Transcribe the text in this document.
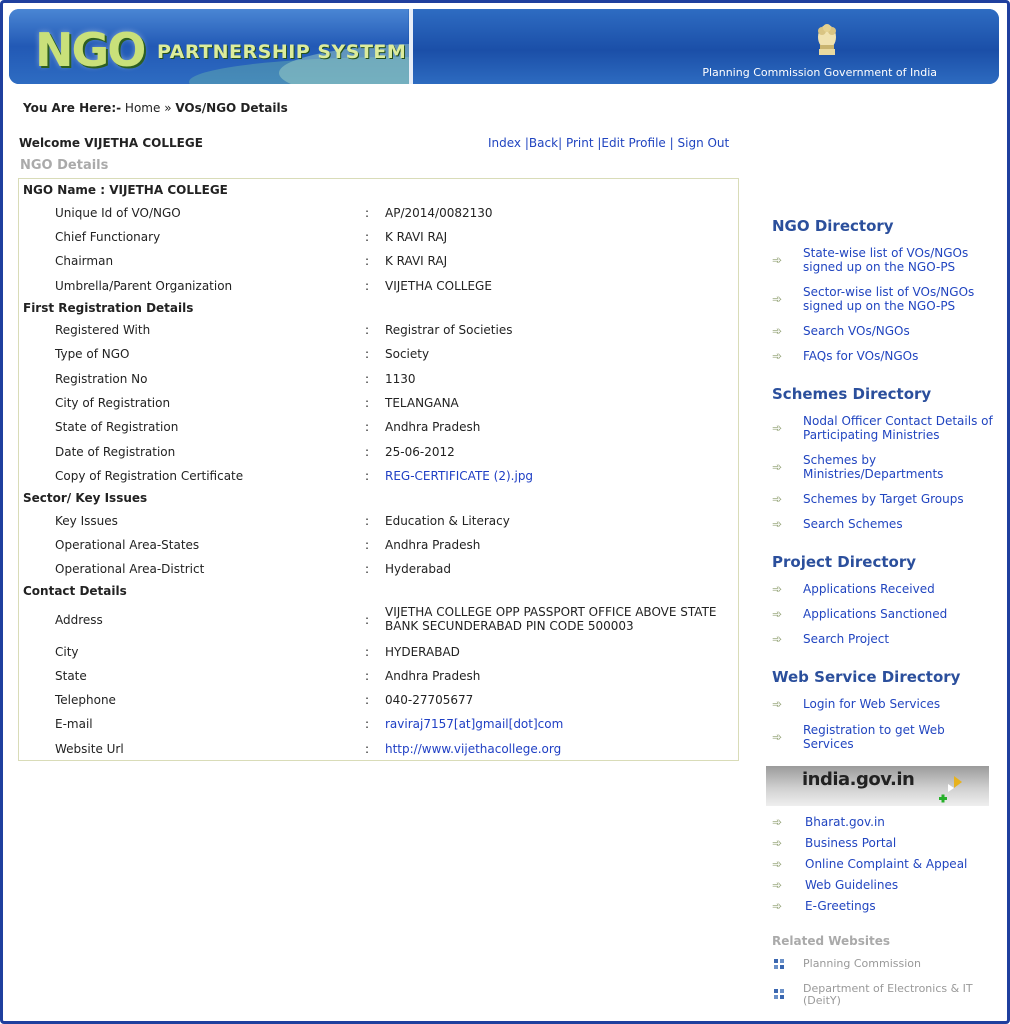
NGO PARTNERSHIP SYSTEM
Planning Commission Government of India
You Are Here:- Home » VOs/NGO Details
Welcome VIJETHA COLLEGE	Index |Back| Print |Edit Profile | Sign Out
NGO Details
NGO Name : VIJETHA COLLEGE
Unique Id of VO/NGO	: AP/2014/0082130
Chief Functionary	: K RAVI RAJ
Chairman	: K RAVI RAJ
Umbrella/Parent Organization	: VIJETHA COLLEGE
First Registration Details
Registered With	: Registrar of Societies
Type of NGO	: Society
Registration No	: 1130
City of Registration	: TELANGANA
State of Registration	: Andhra Pradesh
Date of Registration	: 25-06-2012
Copy of Registration Certificate	: REG-CERTIFICATE (2).jpg
Sector/ Key Issues
Key Issues	: Education & Literacy
Operational Area-States	: Andhra Pradesh
Operational Area-District	: Hyderabad
Contact Details
Address	:
VIJETHA COLLEGE OPP PASSPORT OFFICE ABOVE STATE BANK SECUNDERABAD PIN CODE 500003
City	: HYDERABAD
State	: Andhra Pradesh
Telephone	: 040-27705677
E-mail	: raviraj7157[at]gmail[dot]com
Website Url	: http://www.vijethacollege.org
NGO Directory
➾ State-wise list of VOs/NGOs signed up on the NGO-PS
➾ Sector-wise list of VOs/NGOs signed up on the NGO-PS
➾ Search VOs/NGOs
➾ FAQs for VOs/NGOs
Schemes Directory
➾ Nodal Officer Contact Details of Participating Ministries
➾ Schemes by Ministries/Departments
➾ Schemes by Target Groups
➾ Search Schemes
Project Directory
➾ Applications Received
➾ Applications Sanctioned
➾ Search Project
Web Service Directory
➾ Login for Web Services
➾ Registration to get Web Services
india.gov.in
➾ Bharat.gov.in
➾ Business Portal
➾ Online Complaint & Appeal
➾ Web Guidelines
➾ E-Greetings
Related Websites
Planning Commission
Department of Electronics & IT (DeitY)
